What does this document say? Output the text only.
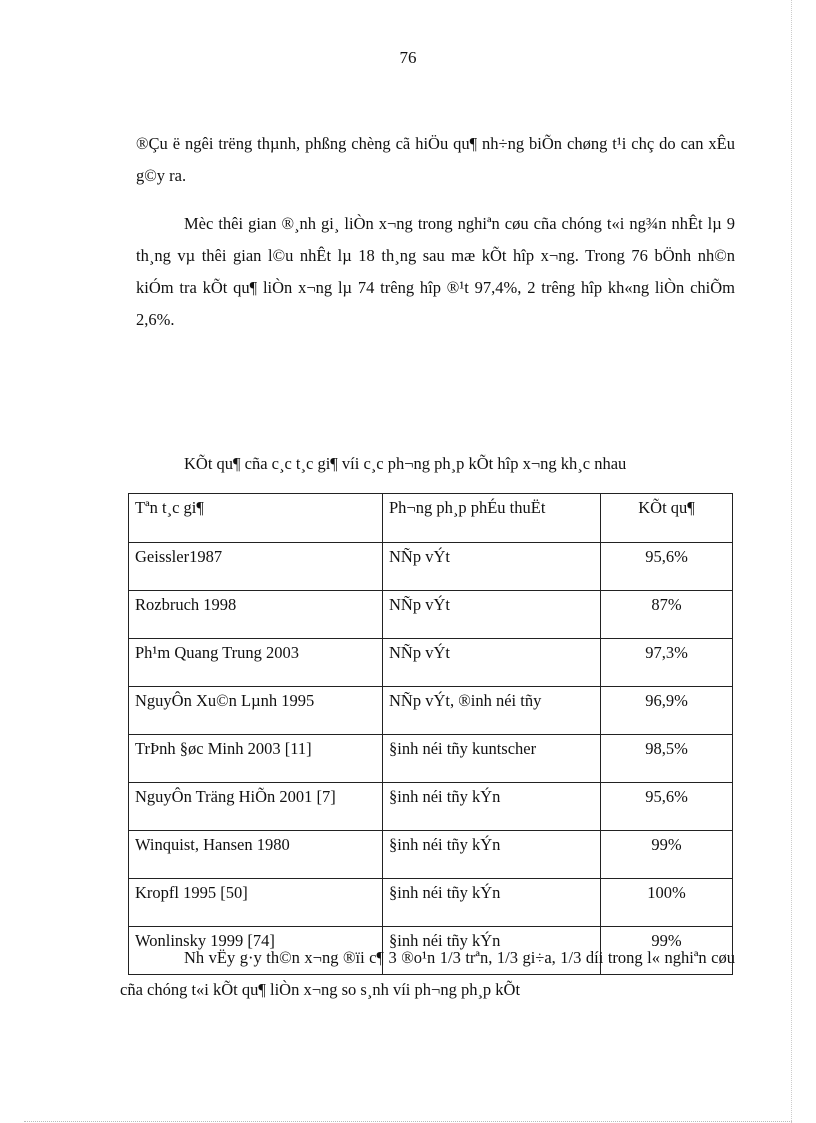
76

®Çu ë ngêi trëng thµnh, phßng chèng cã hiÖu qu¶ nh÷ng biÕn chøng t¹i chç do can xÊu g©y ra.

Mèc thêi gian ®¸nh gi¸ liÒn x¬ng trong nghiªn cøu cña chóng t«i ng¾n nhÊt lµ 9 th¸ng vµ thêi gian l©u nhÊt lµ 18 th¸ng sau mæ kÕt hîp x¬ng. Trong 76 bÖnh nh©n kiÓm tra kÕt qu¶ liÒn x¬ng lµ 74 trêng hîp ®¹t 97,4%, 2 trêng hîp kh«ng liÒn chiÕm 2,6%.

KÕt qu¶ cña c¸c t¸c gi¶ víi c¸c ph¬ng ph¸p kÕt hîp x¬ng kh¸c nhau
Tªn t¸c gi¶	Ph¬ng ph¸p phÉu thuËt	KÕt qu¶
Geissler1987	NÑp vÝt	95,6%
Rozbruch 1998	NÑp vÝt	87%
Ph¹m Quang Trung 2003	NÑp vÝt	97,3%
NguyÔn Xu©n Lµnh 1995	NÑp vÝt, ®inh néi tñy	96,9%
TrÞnh §øc Minh 2003 [11]	§inh néi tñy kuntscher	98,5%
NguyÔn Träng HiÕn 2001 [7]	§inh néi tñy kÝn	95,6%
Winquist, Hansen 1980	§inh néi tñy kÝn	99%
Kropfl 1995 [50]	§inh néi tñy kÝn	100%
Wonlinsky 1999 [74]	§inh néi tñy kÝn	99%

Nh vËy g·y th©n x¬ng ®ïi c¶ 3 ®o¹n 1/3 trªn, 1/3 gi÷a, 1/3 díi trong l« nghiªn cøu cña chóng t«i kÕt qu¶ liÒn x¬ng so s¸nh víi ph¬ng ph¸p kÕt
